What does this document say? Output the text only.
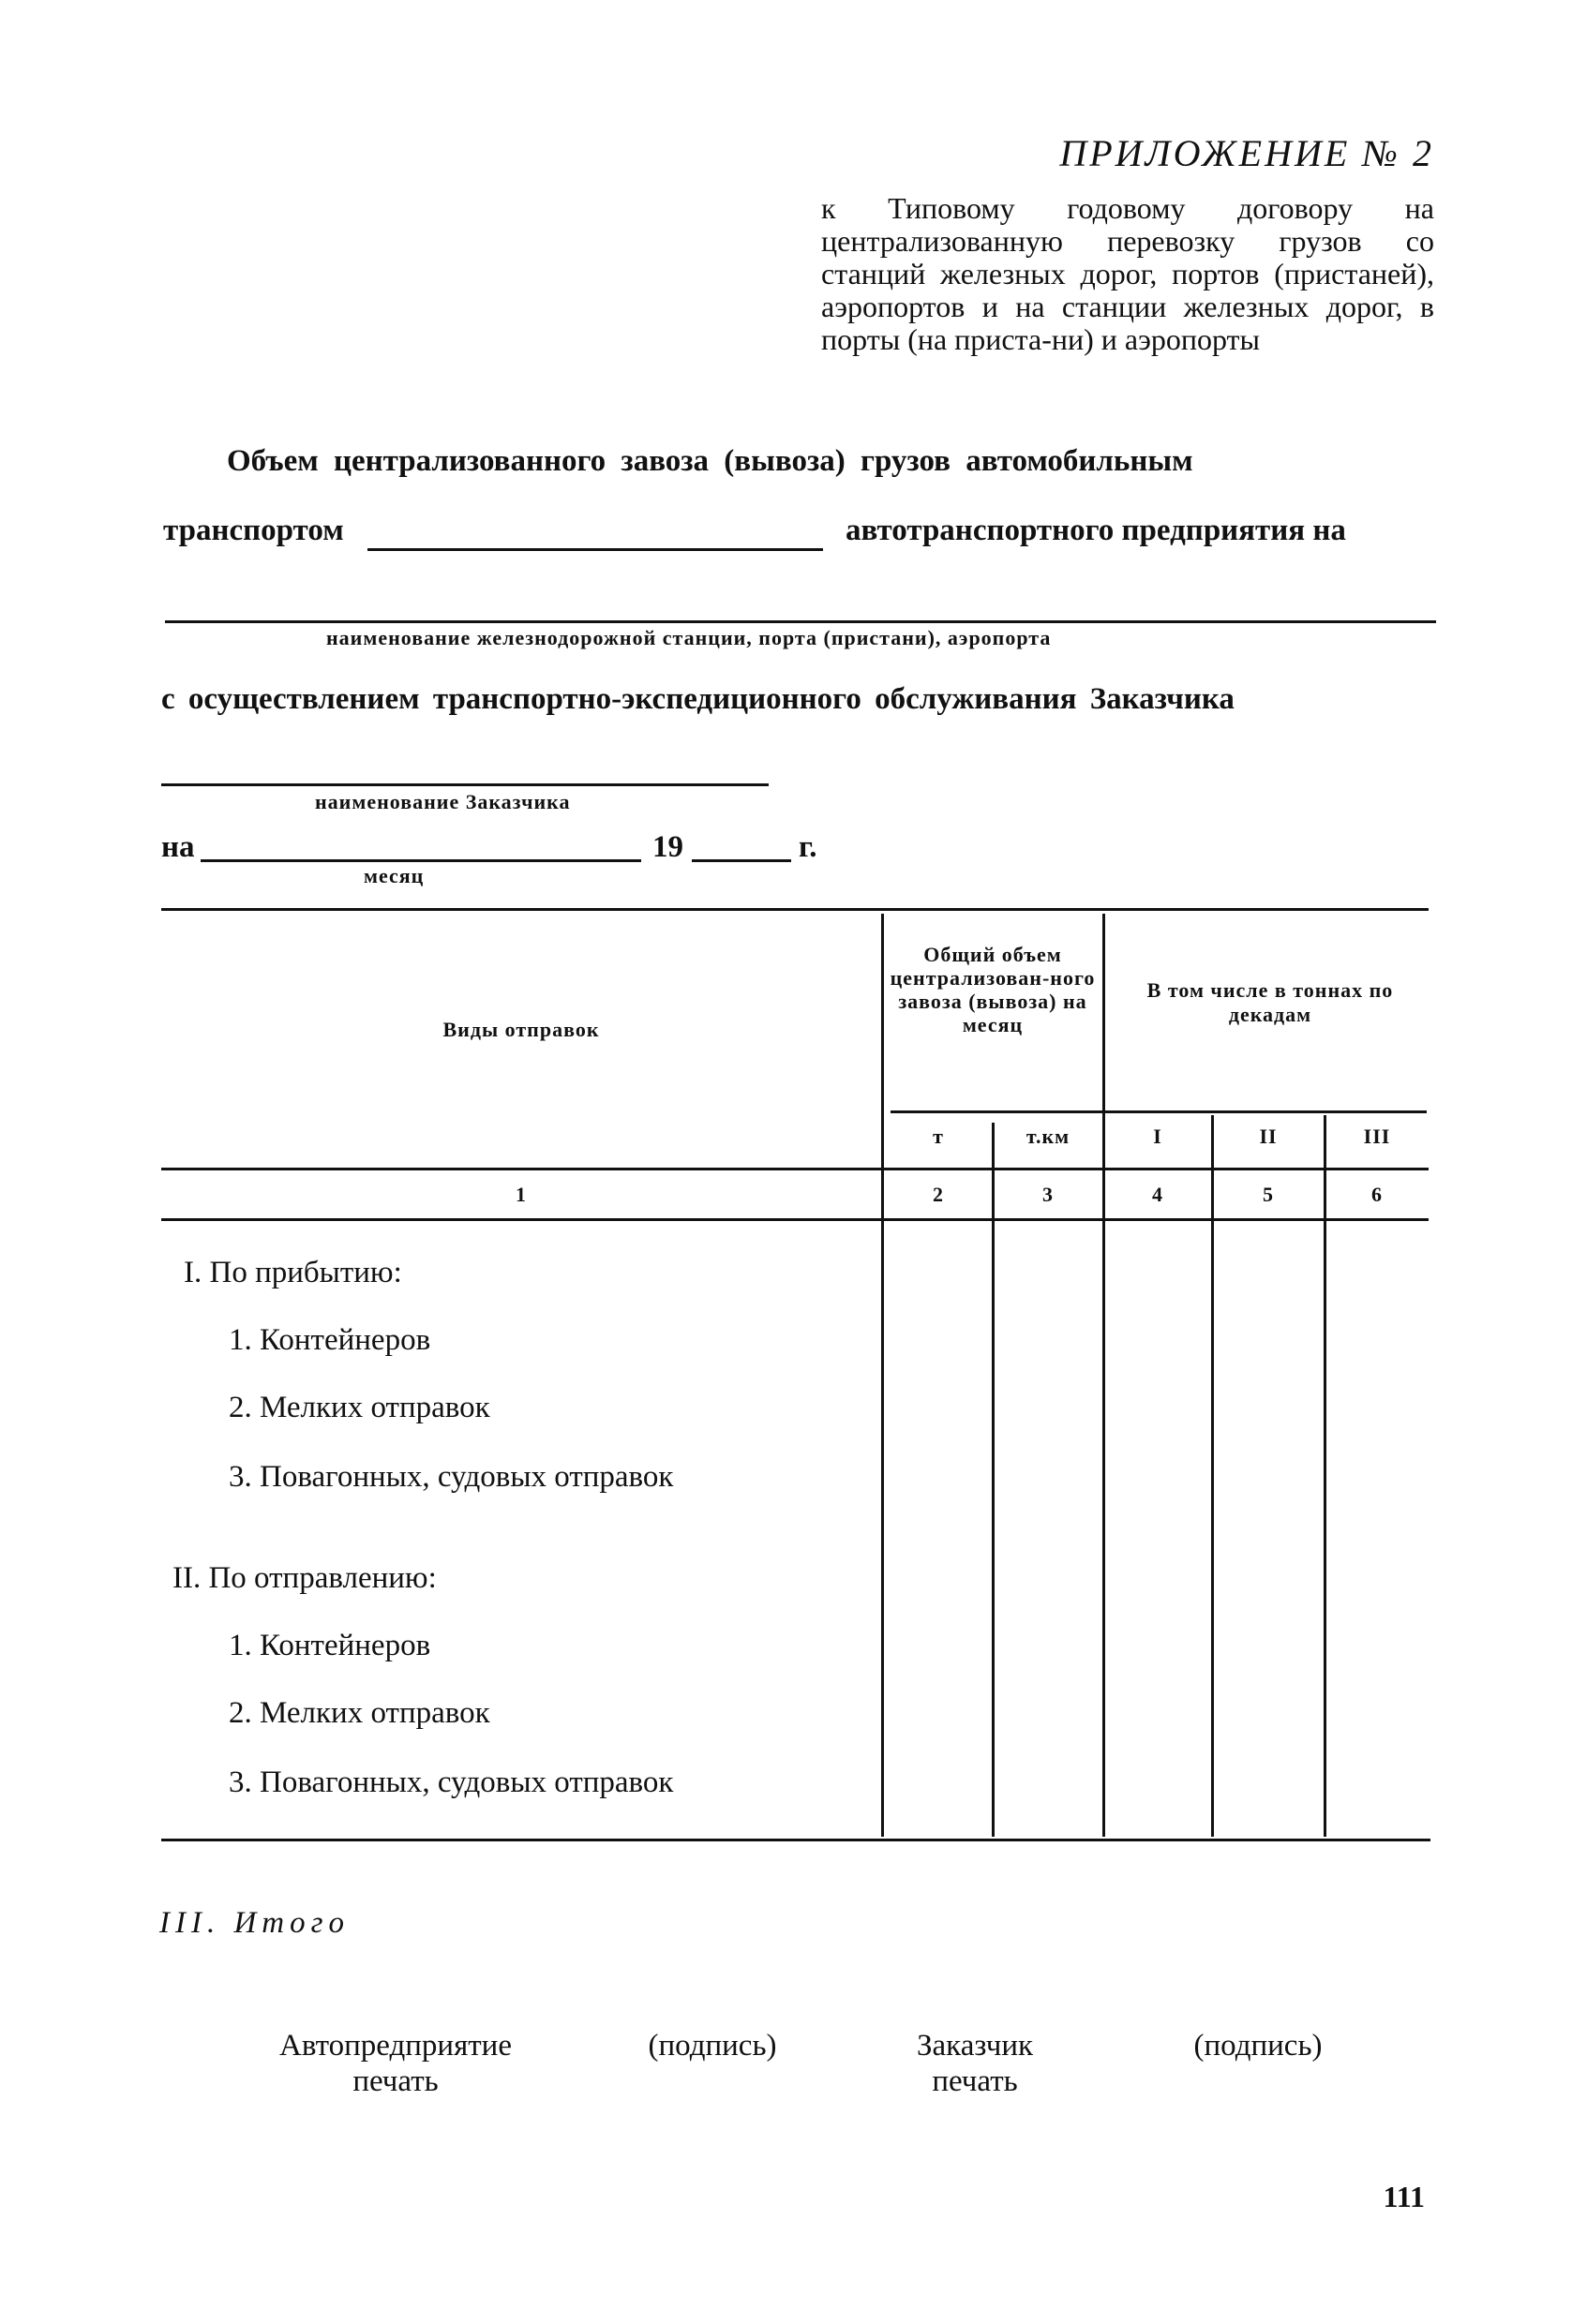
ПРИЛОЖЕНИЕ № 2
к Типовому годовому договору на централизованную перевозку грузов со станций железных дорог, портов (пристаней), аэропортов и на станции железных дорог, в порты (на приста-ни) и аэропорты
Объем централизованного завоза (вывоза) грузов автомобильным
транспортом	автотранспортного предприятия на
наименование железнодорожной станции, порта (пристани), аэропорта
с осуществлением транспортно-экспедиционного обслуживания Заказчика
наименование Заказчика
на	19	г.
месяц
Виды отправок
Общий объем централизован-ного завоза (вывоза) на месяц
В том числе в тоннах по декадам
т	т.км	I	II	III
1	2	3	4	5	6
I. По прибытию:
1. Контейнеров
2. Мелких отправок
3. Повагонных, судовых отправок
II. По отправлению:
1. Контейнеров
2. Мелких отправок
3. Повагонных, судовых отправок
III. Итого
Автопредприятие
печать
(подпись)	Заказчик
печать
(подпись)
111
